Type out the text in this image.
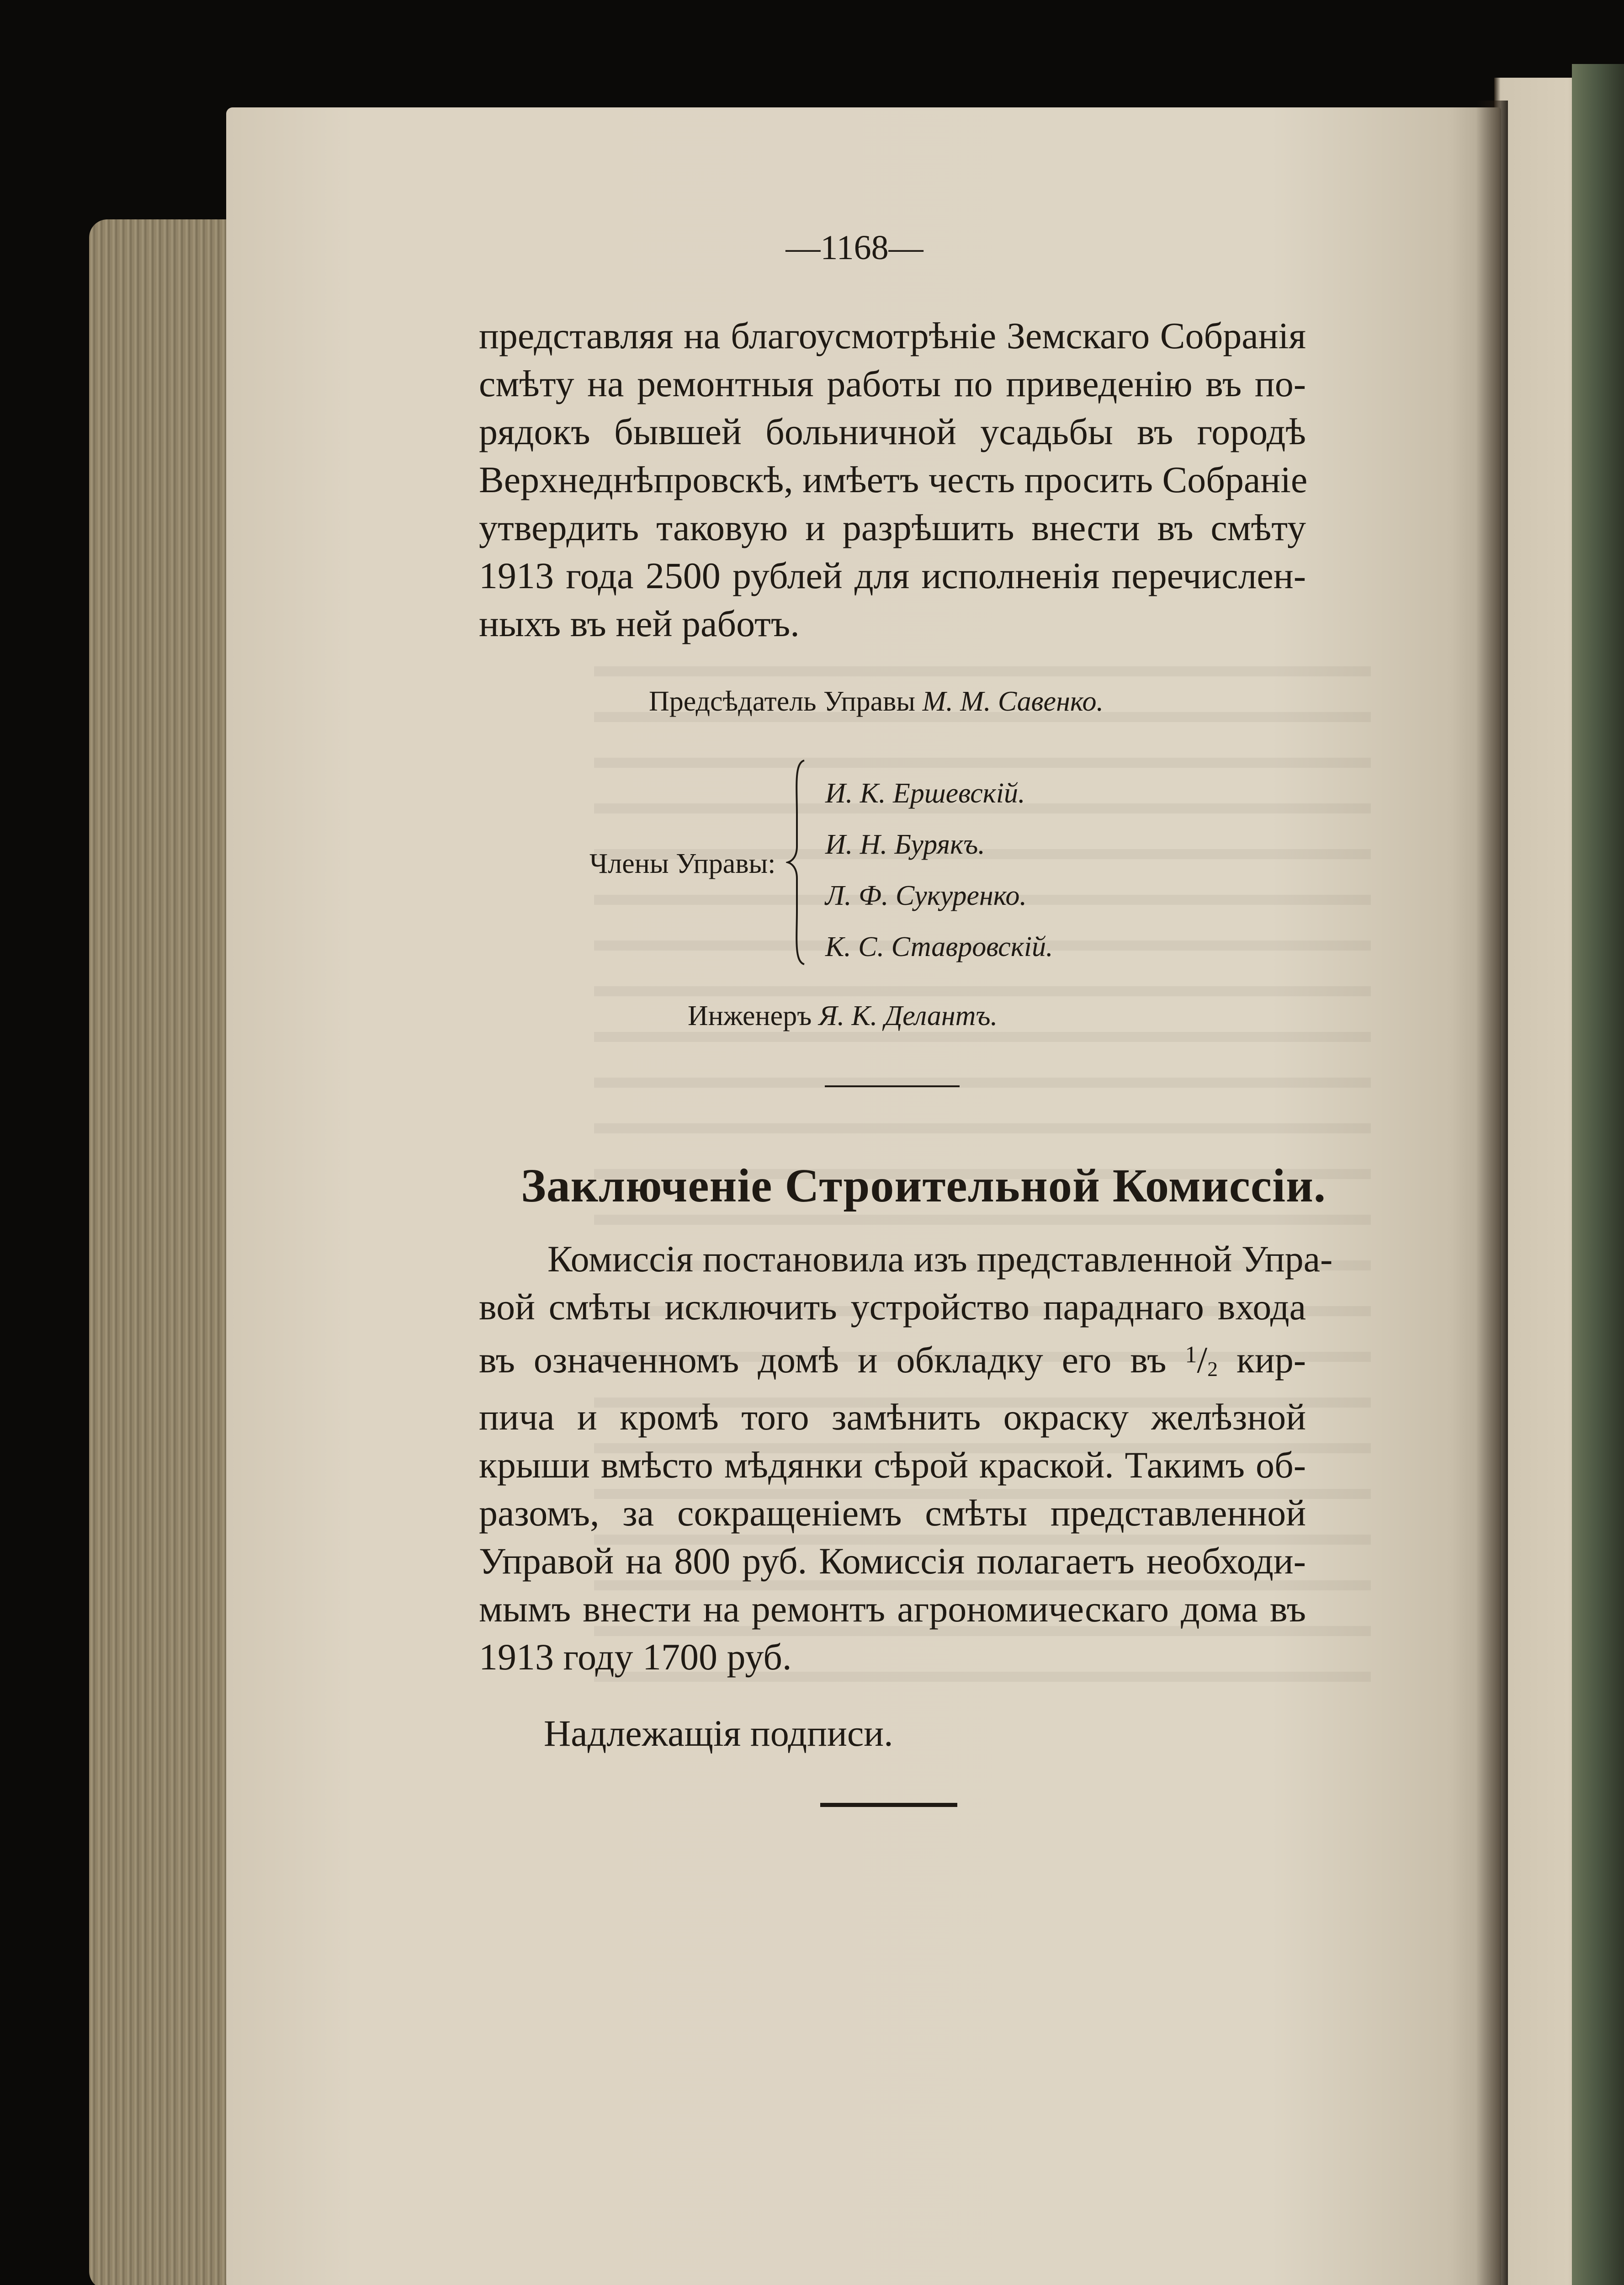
—1168—
представляя на благоусмотрѣніе Земскаго Собранія
смѣту на ремонтныя работы по приведенію въ по-
рядокъ бывшей больничной усадьбы въ городѣ
Верхнеднѣпровскѣ, имѣетъ честь просить Собраніе
утвердить таковую и разрѣшить внести въ смѣту
1913 года 2500 рублей для исполненія перечислен-
ныхъ въ ней работъ.
Предсѣдатель Управы М. М. Савенко.
Члены Управы:
И. К. Ершевскій.
И. Н. Бурякъ.
Л. Ф. Сукуренко.
К. С. Ставровскій.
Инженеръ Я. К. Делантъ.
Заключеніе Строительной Комиссіи.
Комиссія постановила изъ представленной Упра-
вой смѣты исключить устройство параднаго входа
въ означенномъ домѣ и обкладку его въ $^1$/2 кир-
пича и кромѣ того замѣнить окраску желѣзной
крыши вмѣсто мѣдянки сѣрой краской. Такимъ об-
разомъ, за сокращеніемъ смѣты представленной
Управой на 800 руб. Комиссія полагаетъ необходи-
мымъ внести на ремонтъ агрономическаго дома въ
1913 году 1700 руб.
Надлежащія подписи.
